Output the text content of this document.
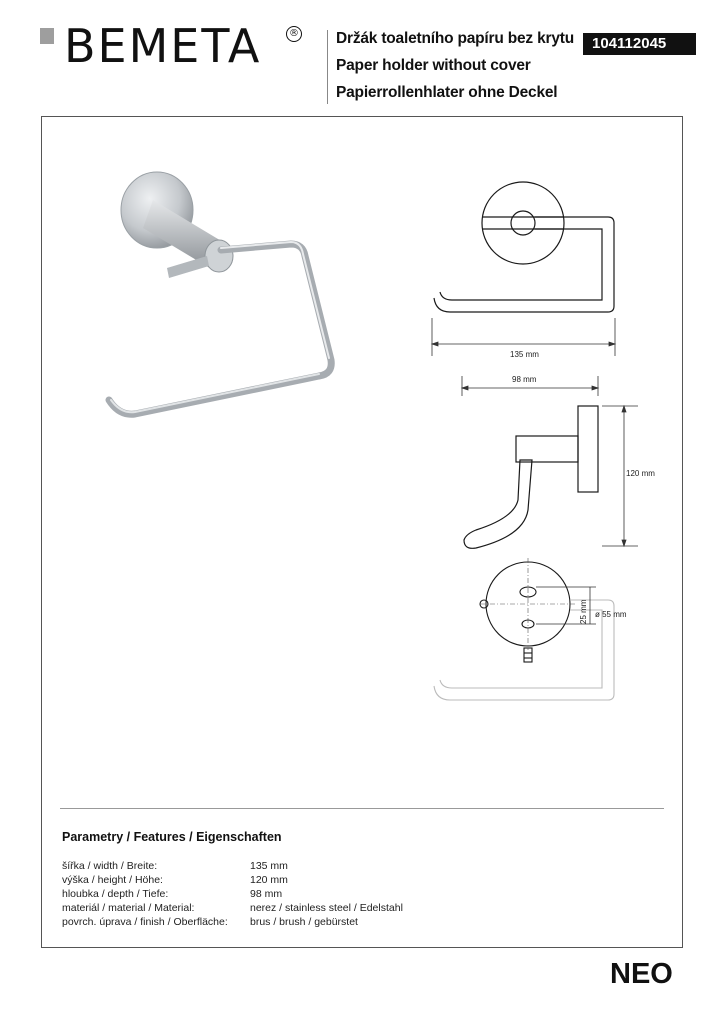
BEMETA	® Držák toaletního papíru bez krytu
Paper holder without cover
Papierrollenhlater ohne Deckel
104112045
135 mm
98 mm
120 mm
25 mm ø 55 mm
Parametry / Features / Eigenschaften
šířka / width / Breite:	135 mm
výška / height / Höhe:	120 mm
hloubka / depth / Tiefe:	98 mm
materiál / material / Material:	nerez / stainless steel / Edelstahl
povrch. úprava / finish / Oberfläche: brus / brush / gebürstet
NEO
